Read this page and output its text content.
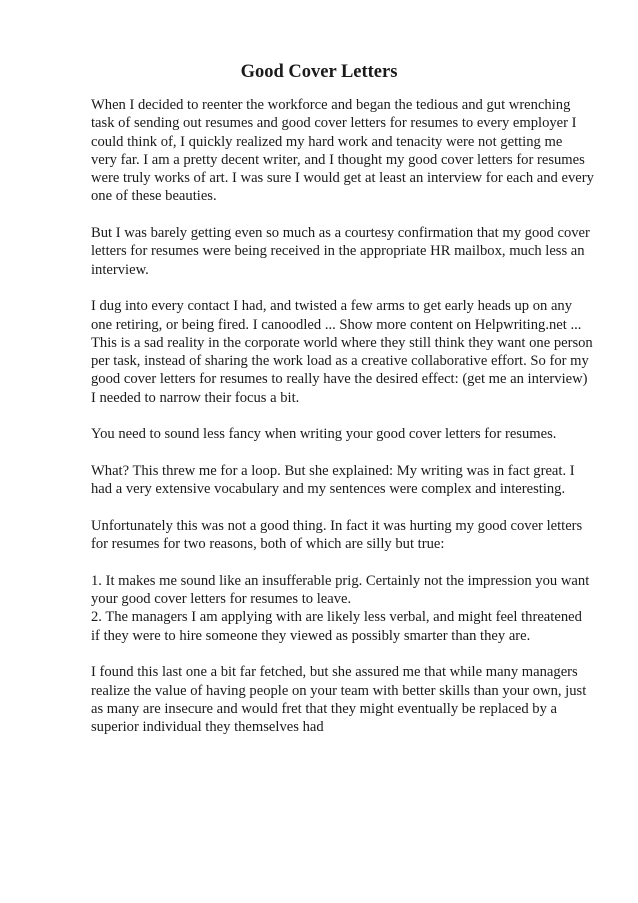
Good Cover Letters

When I decided to reenter the workforce and began the tedious and gut wrenching
task of sending out resumes and good cover letters for resumes to every employer I
could think of, I quickly realized my hard work and tenacity were not getting me
very far. I am a pretty decent writer, and I thought my good cover letters for resumes
were truly works of art. I was sure I would get at least an interview for each and every
one of these beauties.

But I was barely getting even so much as a courtesy confirmation that my good cover
letters for resumes were being received in the appropriate HR mailbox, much less an
interview.

I dug into every contact I had, and twisted a few arms to get early heads up on any
one retiring, or being fired. I canoodled ... Show more content on Helpwriting.net ...
This is a sad reality in the corporate world where they still think they want one person
per task, instead of sharing the work load as a creative collaborative effort. So for my
good cover letters for resumes to really have the desired effect: (get me an interview)
I needed to narrow their focus a bit.

You need to sound less fancy when writing your good cover letters for resumes.

What? This threw me for a loop. But she explained: My writing was in fact great. I
had a very extensive vocabulary and my sentences were complex and interesting.

Unfortunately this was not a good thing. In fact it was hurting my good cover letters
for resumes for two reasons, both of which are silly but true:

1. It makes me sound like an insufferable prig. Certainly not the impression you want
your good cover letters for resumes to leave.
2. The managers I am applying with are likely less verbal, and might feel threatened
if they were to hire someone they viewed as possibly smarter than they are.

I found this last one a bit far fetched, but she assured me that while many managers
realize the value of having people on your team with better skills than your own, just
as many are insecure and would fret that they might eventually be replaced by a
superior individual they themselves had
